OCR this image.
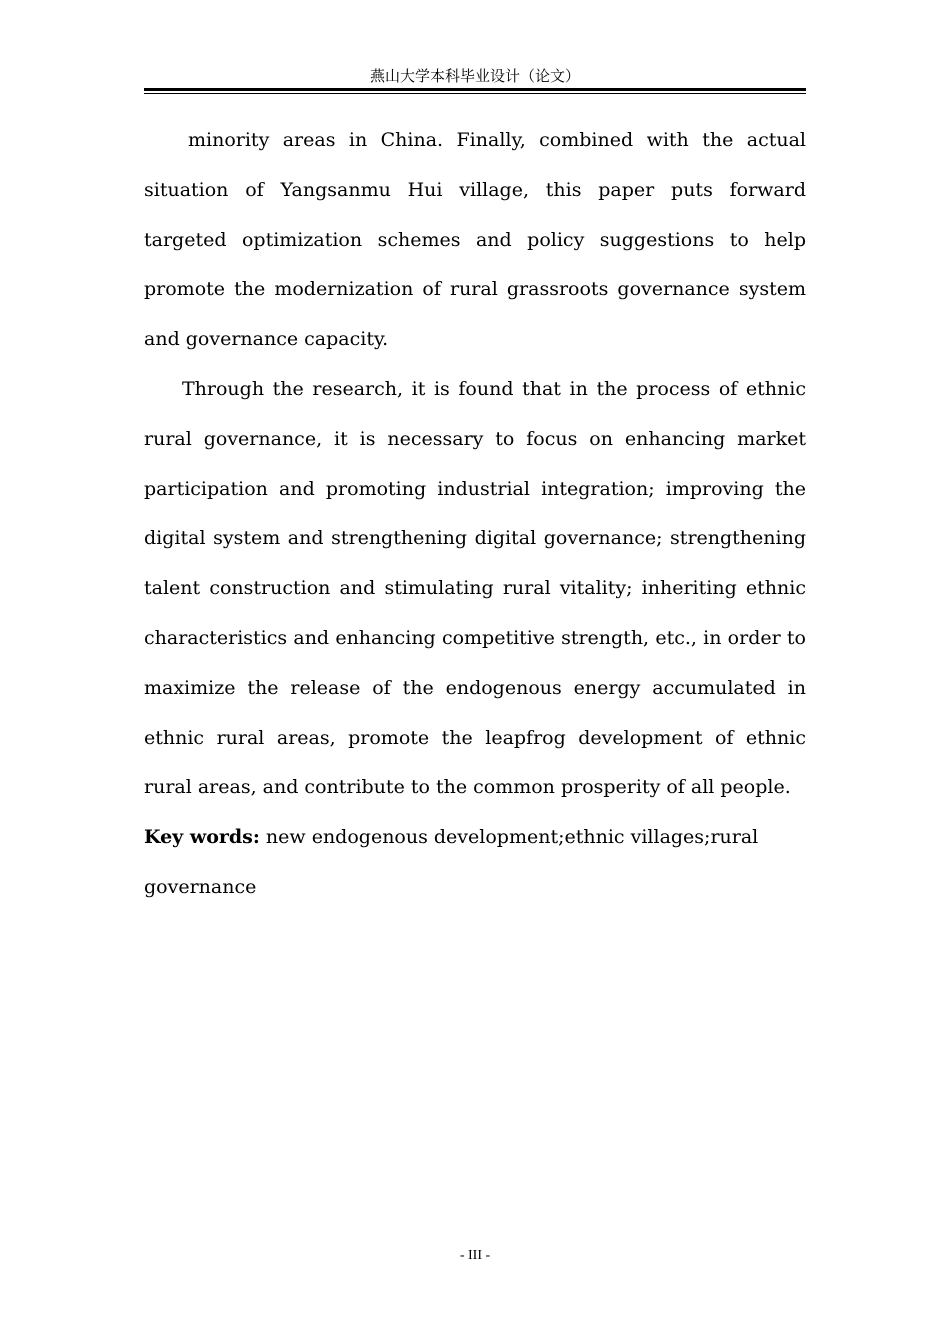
燕山大学本科毕业设计（论文）

minority areas in China. Finally, combined with the actual situation of Yangsanmu Hui village, this paper puts forward targeted optimization schemes and policy suggestions to help promote the modernization of rural grassroots governance system and governance capacity.

Through the research, it is found that in the process of ethnic rural governance, it is necessary to focus on enhancing market participation and promoting industrial integration; improving the digital system and strengthening digital governance; strengthening talent construction and stimulating rural vitality; inheriting ethnic characteristics and enhancing competitive strength, etc., in order to maximize the release of the endogenous energy accumulated in ethnic rural areas, promote the leapfrog development of ethnic rural areas, and contribute to the common prosperity of all people.

Key words: new endogenous development;ethnic villages;rural
governance

- III -
